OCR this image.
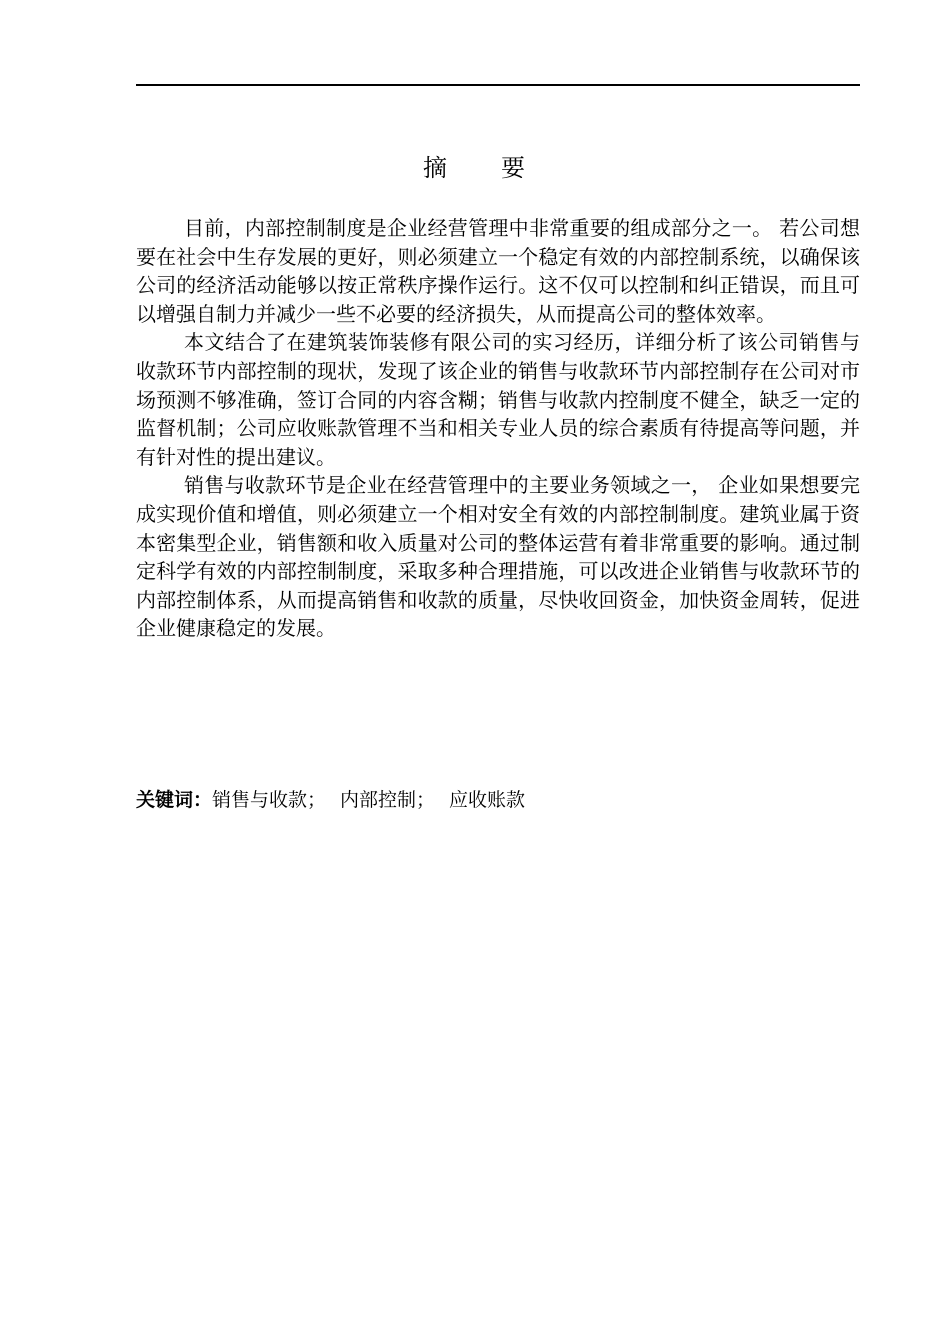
摘　　要

目前，内部控制制度是企业经营管理中非常重要的组成部分之一。 若公司想要在社会中生存发展的更好，则必须建立一个稳定有效的内部控制系统，以确保该公司的经济活动能够以按正常秩序操作运行。这不仅可以控制和纠正错误，而且可以增强自制力并减少一些不必要的经济损失，从而提高公司的整体效率。

本文结合了在建筑装饰装修有限公司的实习经历，详细分析了该公司销售与收款环节内部控制的现状，发现了该企业的销售与收款环节内部控制存在公司对市场预测不够准确，签订合同的内容含糊；销售与收款内控制度不健全，缺乏一定的监督机制；公司应收账款管理不当和相关专业人员的综合素质有待提高等问题，并有针对性的提出建议。

销售与收款环节是企业在经营管理中的主要业务领域之一， 企业如果想要完成实现价值和增值，则必须建立一个相对安全有效的内部控制制度。建筑业属于资本密集型企业，销售额和收入质量对公司的整体运营有着非常重要的影响。通过制定科学有效的内部控制制度，采取多种合理措施，可以改进企业销售与收款环节的内部控制体系，从而提高销售和收款的质量，尽快收回资金，加快资金周转，促进企业健康稳定的发展。

关键词：销售与收款； 内部控制； 应收账款
